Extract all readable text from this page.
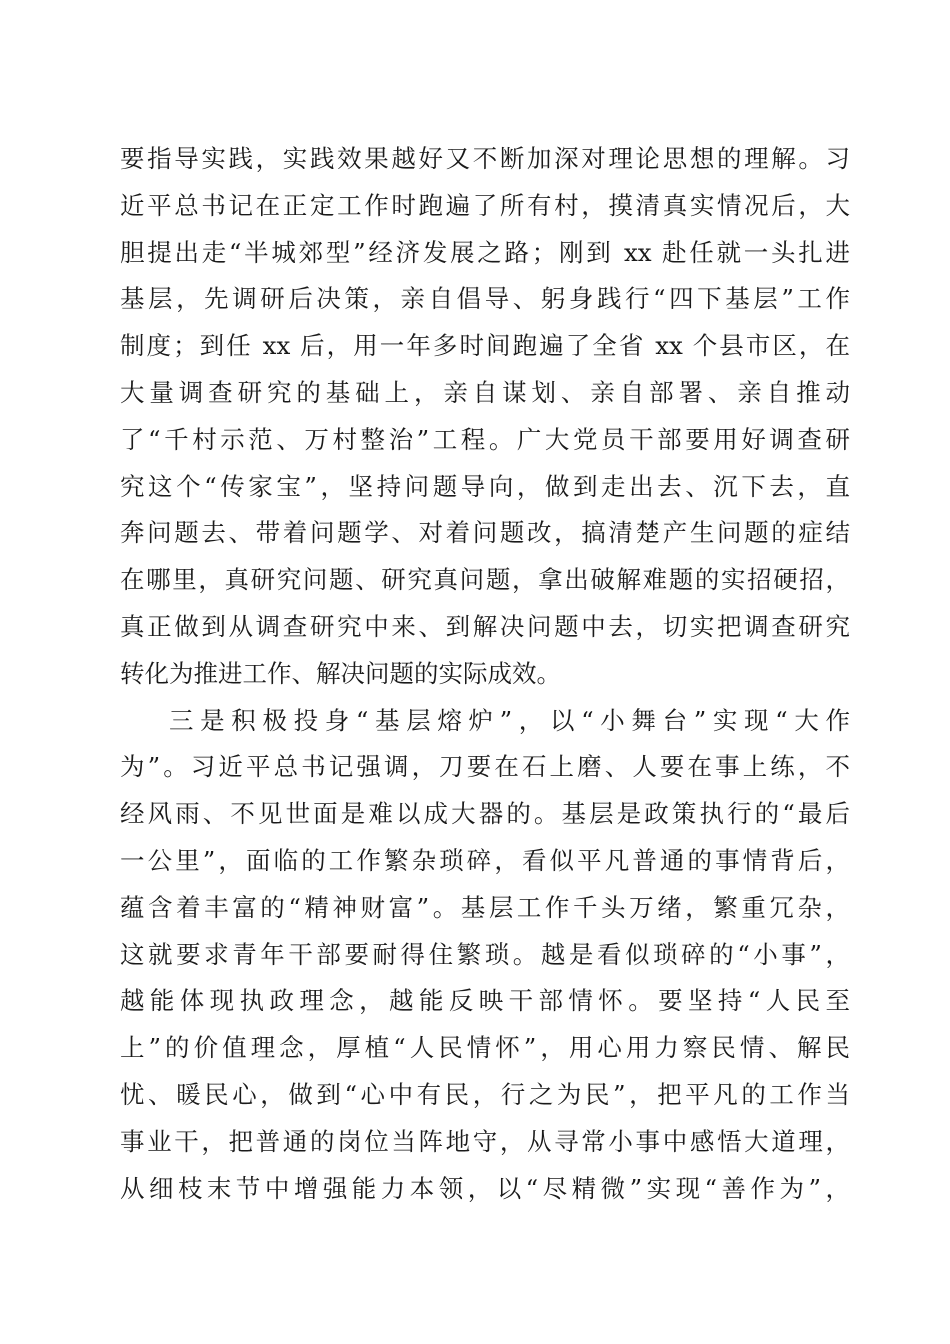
要指导实践，实践效果越好又不断加深对理论思想的理解。习
近平总书记在正定工作时跑遍了所有村，摸清真实情况后，大
胆提出走“半城郊型”经济发展之路；刚到 xx 赴任就一头扎进
基层，先调研后决策，亲自倡导、躬身践行“四下基层”工作
制度；到任 xx 后，用一年多时间跑遍了全省 xx 个县市区，在
大量调查研究的基础上，亲自谋划、亲自部署、亲自推动
了“千村示范、万村整治”工程。广大党员干部要用好调查研
究这个“传家宝”，坚持问题导向，做到走出去、沉下去，直
奔问题去、带着问题学、对着问题改，搞清楚产生问题的症结
在哪里，真研究问题、研究真问题，拿出破解难题的实招硬招，
真正做到从调查研究中来、到解决问题中去，切实把调查研究
转化为推进工作、解决问题的实际成效。
三是积极投身“基层熔炉”，以“小舞台”实现“大作
为”。习近平总书记强调，刀要在石上磨、人要在事上练，不
经风雨、不见世面是难以成大器的。基层是政策执行的“最后
一公里”，面临的工作繁杂琐碎，看似平凡普通的事情背后，
蕴含着丰富的“精神财富”。基层工作千头万绪，繁重冗杂，
这就要求青年干部要耐得住繁琐。越是看似琐碎的“小事”，
越能体现执政理念，越能反映干部情怀。要坚持“人民至
上”的价值理念，厚植“人民情怀”，用心用力察民情、解民
忧、暖民心，做到“心中有民，行之为民”，把平凡的工作当
事业干，把普通的岗位当阵地守，从寻常小事中感悟大道理，
从细枝末节中增强能力本领，以“尽精微”实现“善作为”，
